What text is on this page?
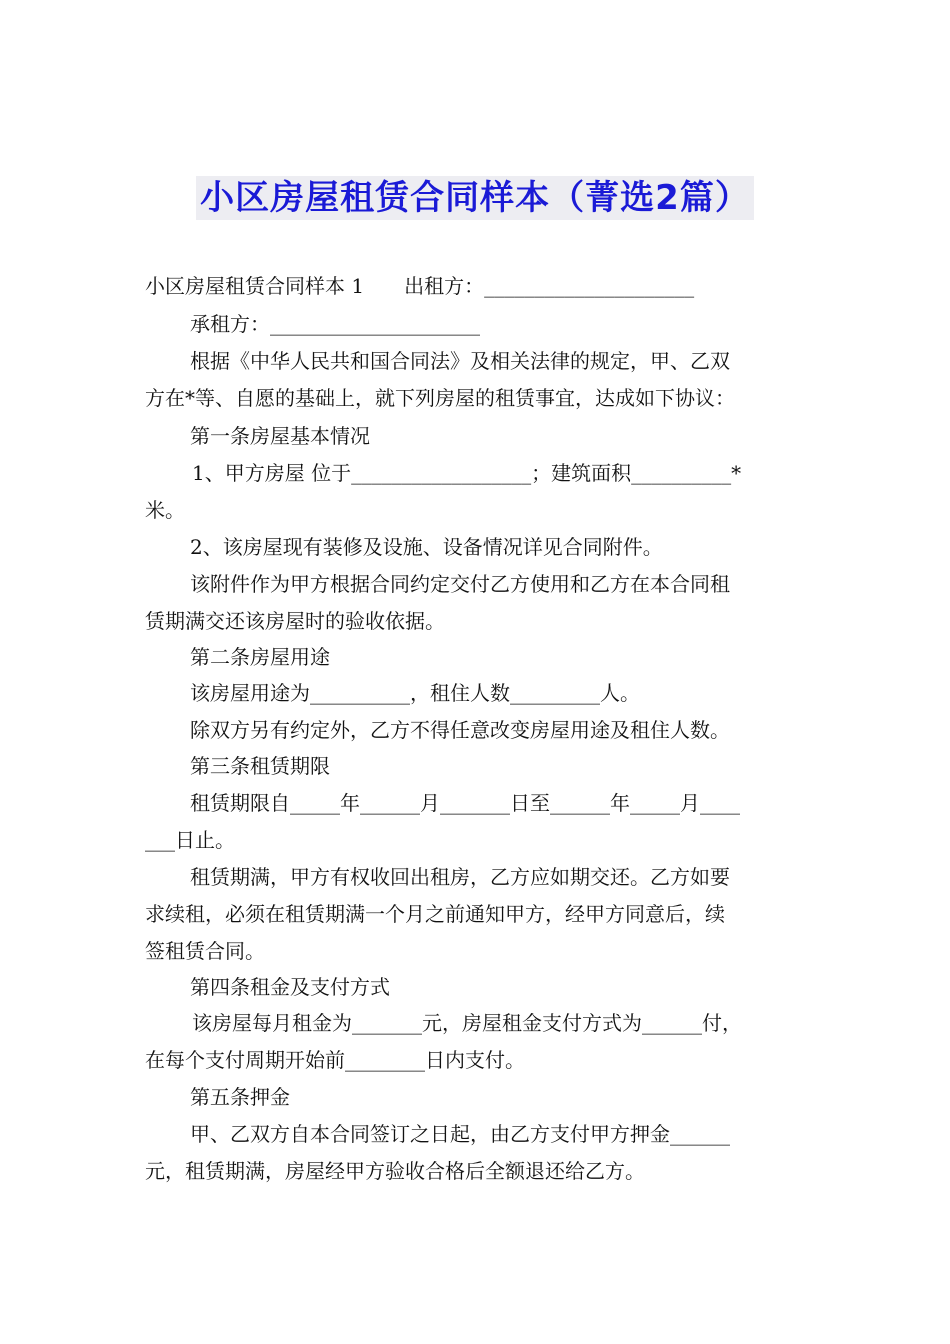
小区房屋租赁合同样本（菁选2篇）
小区房屋租赁合同样本 1 出租方：_____________________
承租方：_____________________
根据《中华人民共和国合同法》及相关法律的规定，甲、乙双
方在*等、自愿的基础上，就下列房屋的租赁事宜，达成如下协议：
第一条房屋基本情况
1、甲方房屋 位于__________________；建筑面积__________*
米。
2、该房屋现有装修及设施、设备情况详见合同附件。
该附件作为甲方根据合同约定交付乙方使用和乙方在本合同租
赁期满交还该房屋时的验收依据。
第二条房屋用途
该房屋用途为__________，租住人数_________人。
除双方另有约定外，乙方不得任意改变房屋用途及租住人数。
第三条租赁期限
租赁期限自_____年______月_______日至______年_____月____
___日止。
租赁期满，甲方有权收回出租房，乙方应如期交还。乙方如要
求续租，必须在租赁期满一个月之前通知甲方，经甲方同意后，续
签租赁合同。
第四条租金及支付方式
该房屋每月租金为_______元，房屋租金支付方式为______付，
在每个支付周期开始前________日内支付。
第五条押金
甲、乙双方自本合同签订之日起，由乙方支付甲方押金______
元，租赁期满，房屋经甲方验收合格后全额退还给乙方。
